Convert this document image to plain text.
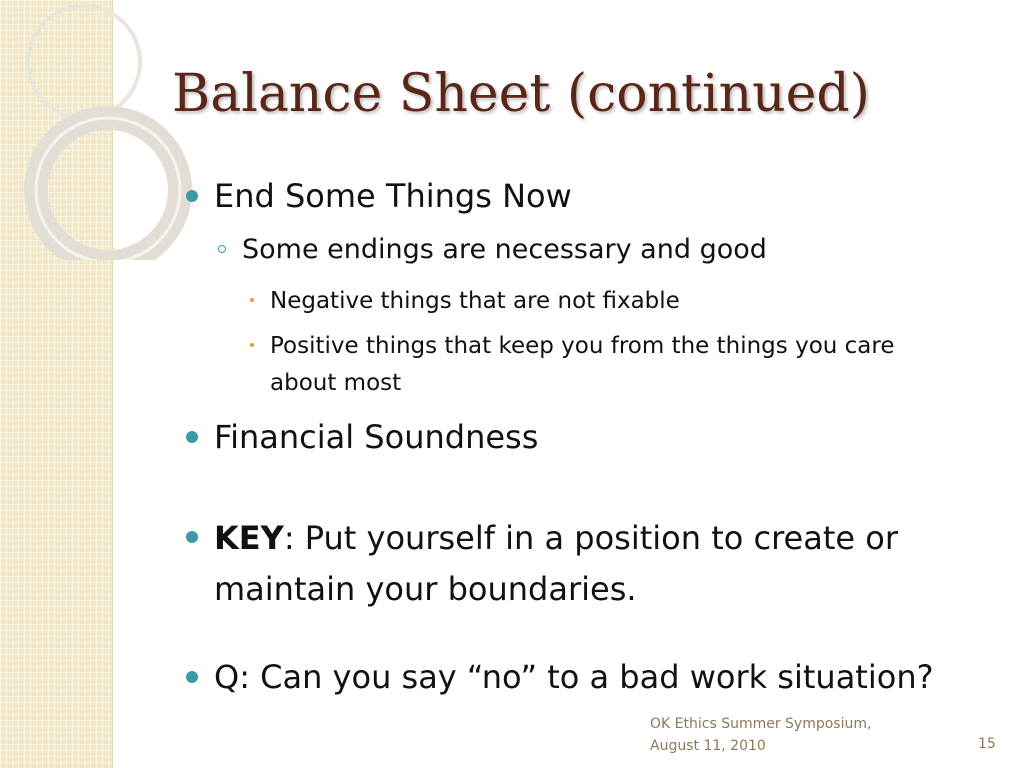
Balance Sheet (continued)
End Some Things Now
Some endings are necessary and good
Negative things that are not fixable
Positive things that keep you from the things you care
about most
Financial Soundness
KEY: Put yourself in a position to create or
maintain your boundaries.
Q: Can you say “no” to a bad work situation?
OK Ethics Summer Symposium,
August 11, 2010	15
